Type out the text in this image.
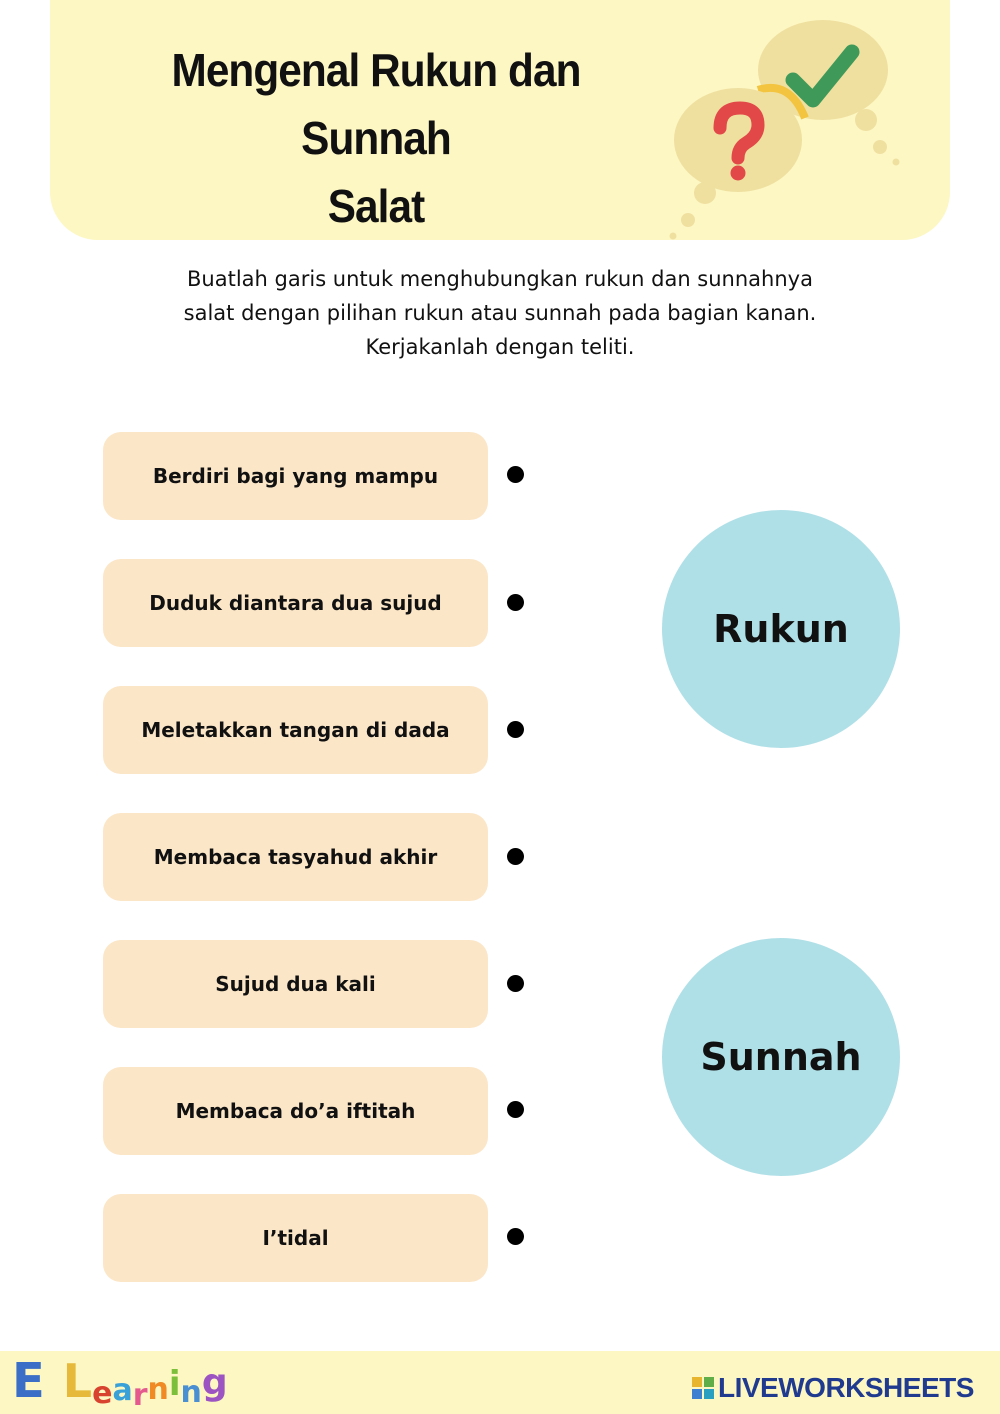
Mengenal Rukun dan Sunnah
Salat

Buatlah garis untuk menghubungkan rukun dan sunnahnya
salat dengan pilihan rukun atau sunnah pada bagian kanan.
Kerjakanlah dengan teliti.

Berdiri bagi yang mampu
Duduk diantara dua sujud
Meletakkan tangan di dada
Membaca tasyahud akhir
Sujud dua kali
Membaca do’a iftitah
I’tidal
Rukun
Sunnah
E Learning	LIVEWORKSHEETS
